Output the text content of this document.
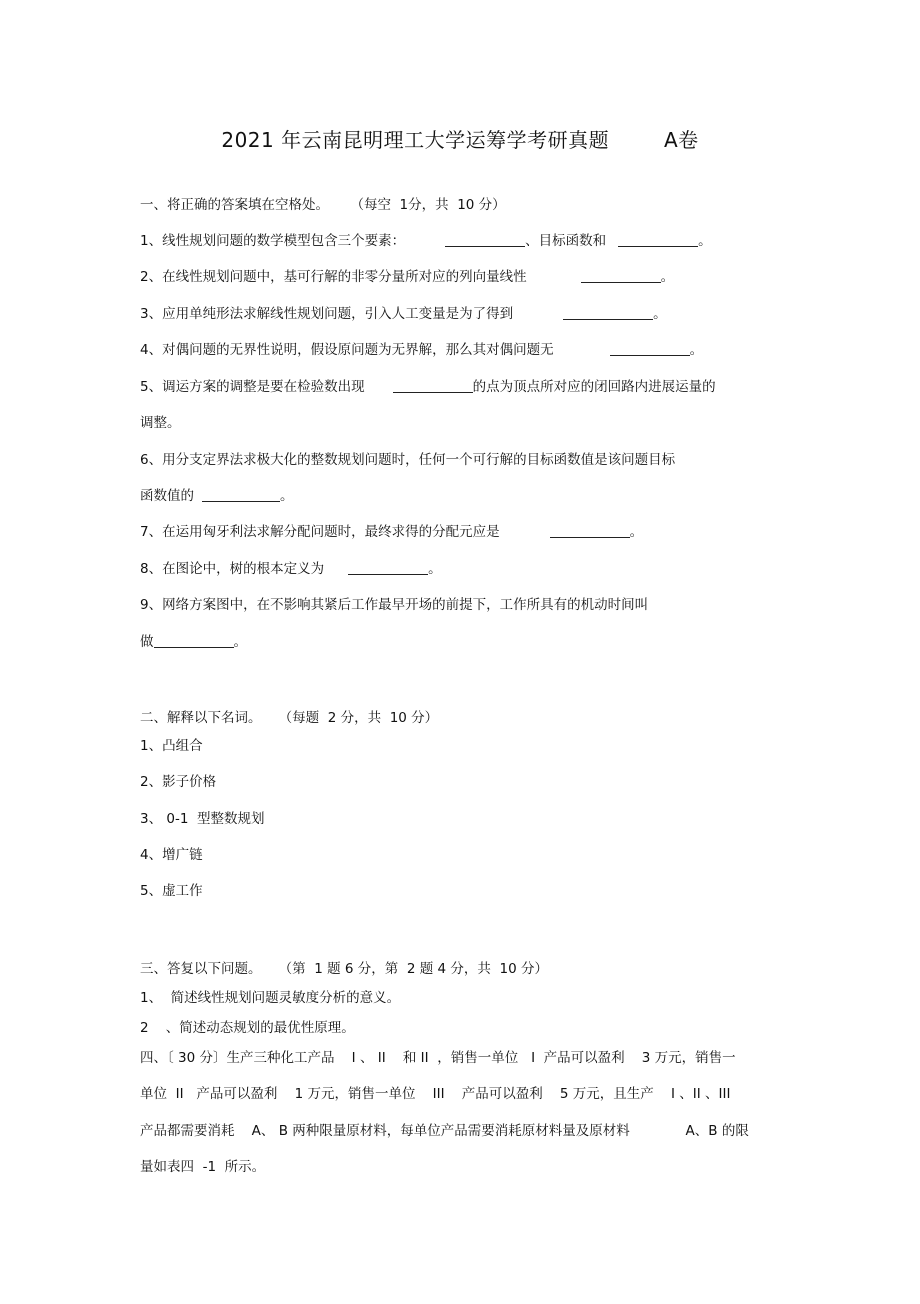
2021 年云南昆明理工大学运筹学考研真题        A卷
一、将正确的答案填在空格处。     （每空  1分，共  10 分）
1、线性规划问题的数学模型包含三个要素：	、目标函数和	。
2、在线性规划问题中，基可行解的非零分量所对应的列向量线性	。
3、应用单纯形法求解线性规划问题，引入人工变量是为了得到	。
4、对偶问题的无界性说明，假设原问题为无界解，那么其对偶问题无	。
5、调运方案的调整是要在检验数出现	的点为顶点所对应的闭回路内进展运量的
调整。
6、用分支定界法求极大化的整数规划问题时，任何一个可行解的目标函数值是该问题目标
函数值的	。
7、在运用匈牙利法求解分配问题时，最终求得的分配元应是	。
8、在图论中，树的根本定义为	。
9、网络方案图中，在不影响其紧后工作最早开场的前提下，工作所具有的机动时间叫
做	。
二、解释以下名词。    （每题  2 分，共  10 分）
1、凸组合
2、影子价格
3、 0-1  型整数规划
4、增广链
5、虚工作
三、答复以下问题。    （第  1 题 6 分，第  2 题 4 分，共  10 分）
1、  简述线性规划问题灵敏度分析的意义。
2    、简述动态规划的最优性原理。
四、〔 30 分〕生产三种化工产品    I 、 II    和 II  ，销售一单位   I  产品可以盈利    3 万元，销售一
单位  II   产品可以盈利    1 万元，销售一单位    III    产品可以盈利    5 万元，且生产    I 、II 、III
产品都需要消耗    A、 B 两种限量原材料，每单位产品需要消耗原材料量及原材料             A、B 的限
量如表四  -1  所示。
